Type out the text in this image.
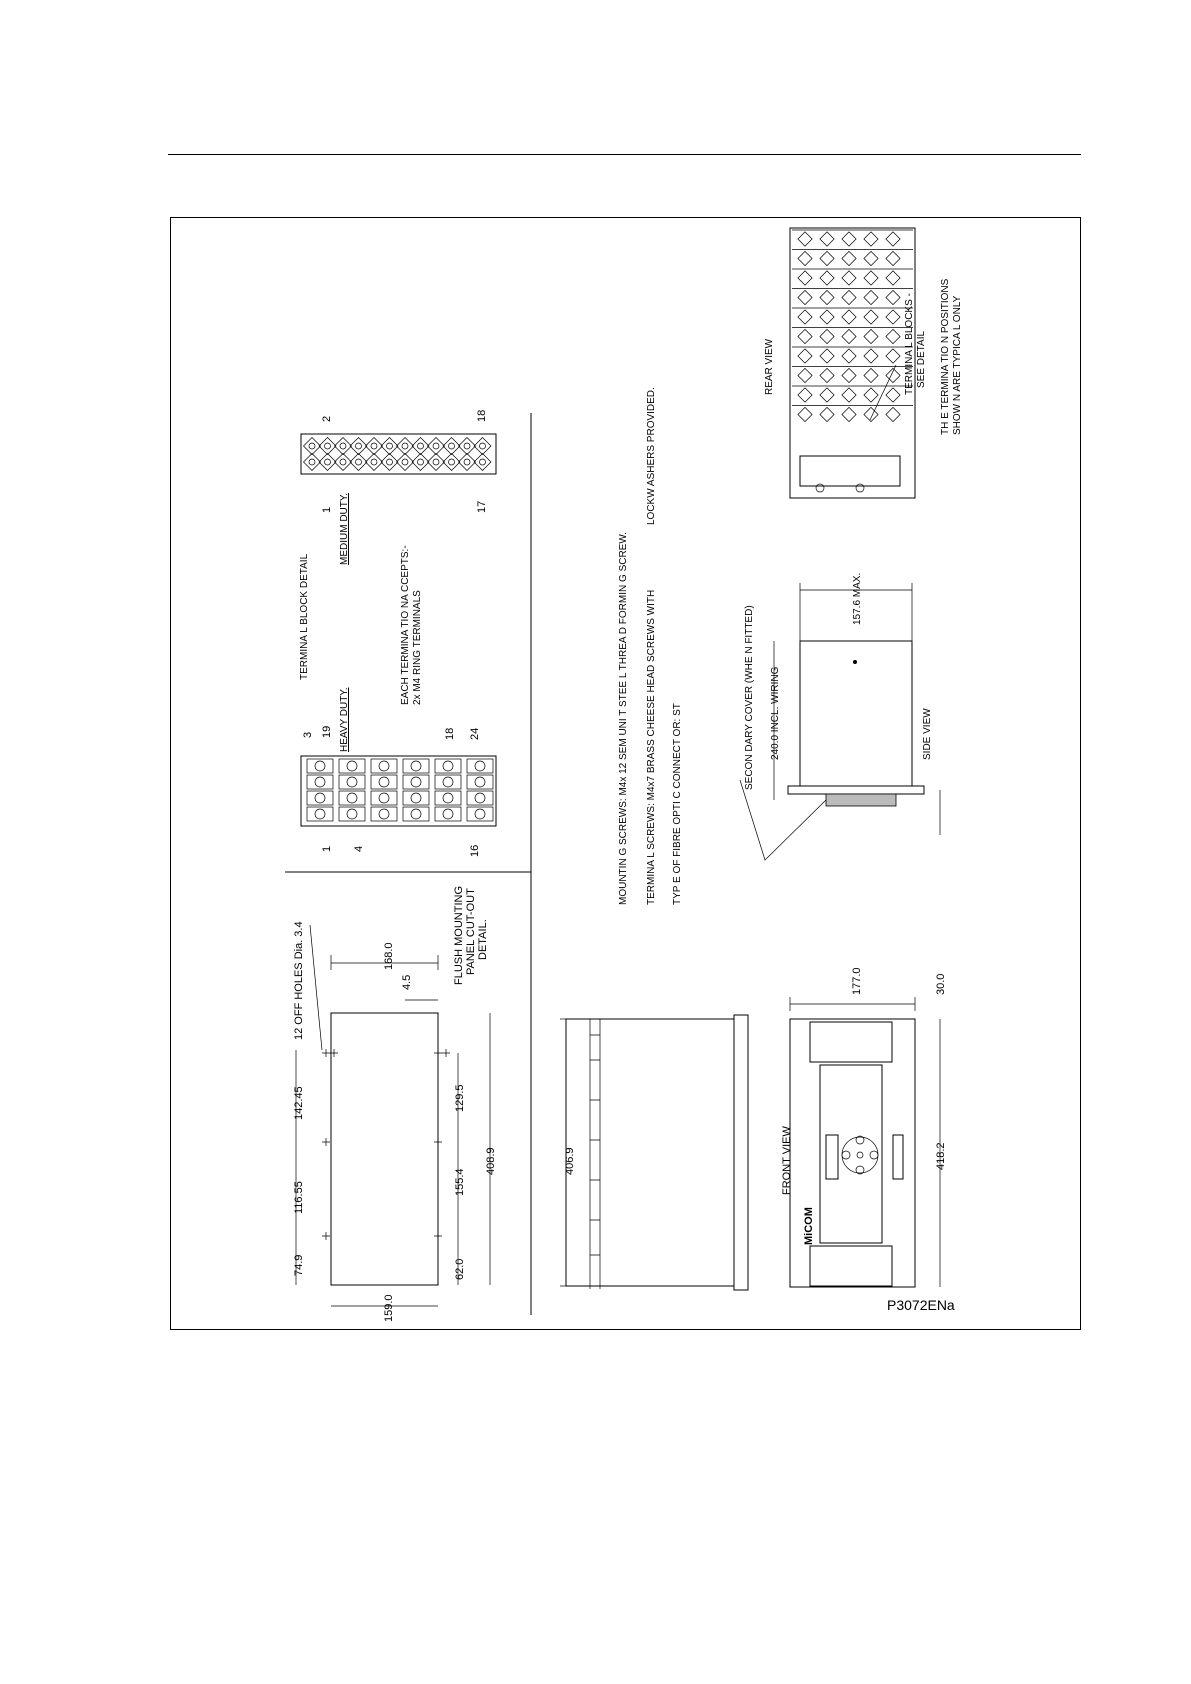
12 OFF HOLES Dia. 3.4	168.0
4.5	FLUSH MOUNTING PANEL CUT-OUT DETAIL.
142.45
116.55
74.9
129.5
155.4
62.0
408.9
159.0
TERMINA L BLOCK DETAIL
HEAVY DUTY.
MEDIUM DUTY.
EACH TERMINA TIO NA CCEPTS:- 2x M4 RING TERMINALS
1
3
4	16
18
19	24
1
2
17
18
MOUNTIN G SCREWS: M4x 12 SEM UNI T STEE L THREA D FORMIN G SCREW. TERMINA L SCREWS: M4x7 BRASS CHEESE HEAD SCREWS WITH
LOCKW ASHERS PROVIDED.
TYP E OF FIBRE OPTI C CONNECT OR: ST
406.9	FRONT VIEW
MiCOM
177.0	30.0
418.2
P3072ENa
SIDE VIEW
SECON DARY COVER (WHE N FITTED) 240.0 INCL. WIRING
157.6 MAX.
REAR VIEW	TERMINA L BLOCKS - SEE DETAIL TH E TERMINA TIO N POSITIONS SHOW N ARE TYPICA L ONLY
